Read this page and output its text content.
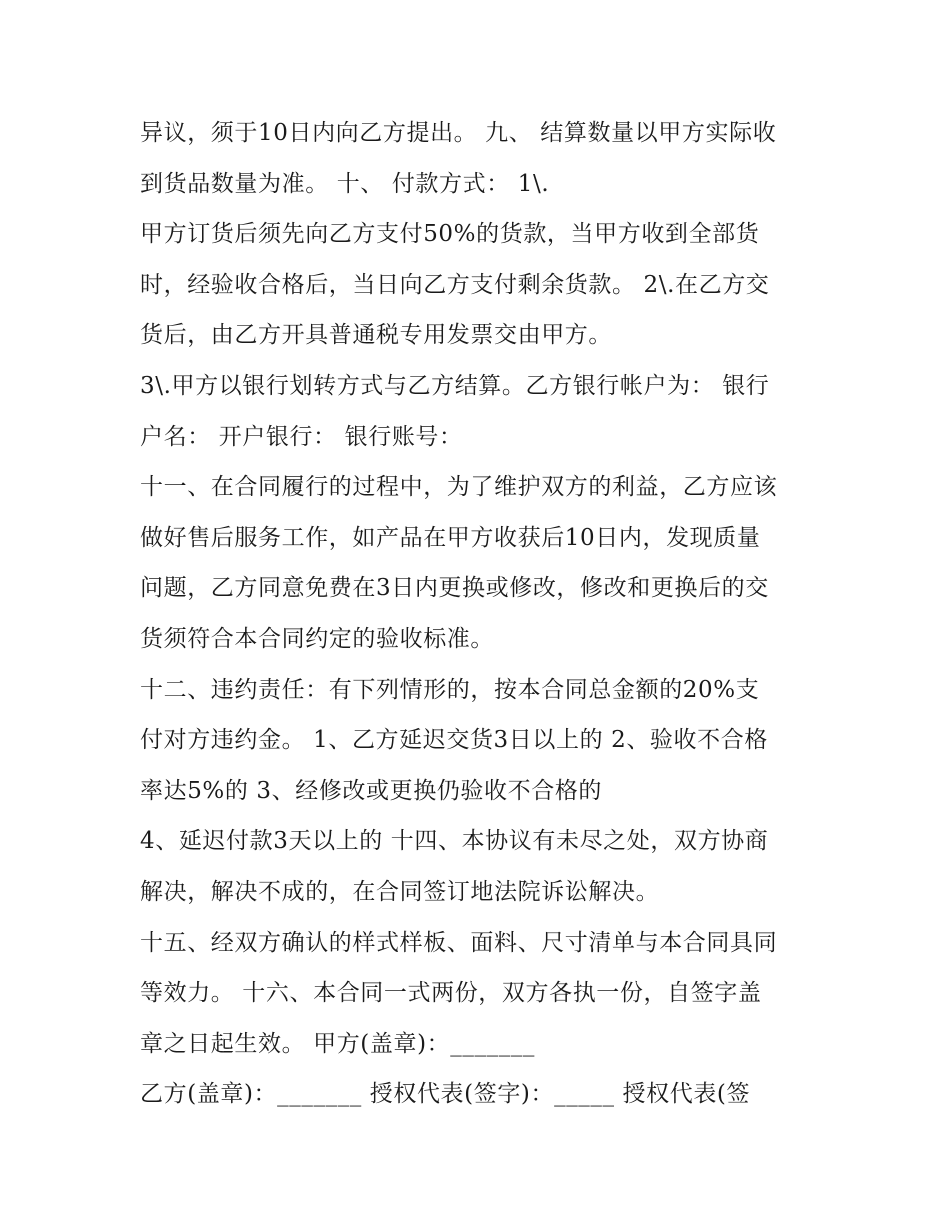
异议，须于10日内向乙方提出。 九、 结算数量以甲方实际收
到货品数量为准。 十、 付款方式： 1\.
甲方订货后须先向乙方支付50%的货款，当甲方收到全部货
时，经验收合格后，当日向乙方支付剩余货款。 2\.在乙方交
货后，由乙方开具普通税专用发票交由甲方。
3\.甲方以银行划转方式与乙方结算。乙方银行帐户为： 银行
户名： 开户银行： 银行账号：
十一、在合同履行的过程中，为了维护双方的利益，乙方应该
做好售后服务工作，如产品在甲方收获后10日内，发现质量
问题，乙方同意免费在3日内更换或修改，修改和更换后的交
货须符合本合同约定的验收标准。
十二、违约责任：有下列情形的，按本合同总金额的20%支
付对方违约金。 1、乙方延迟交货3日以上的 2、验收不合格
率达5%的 3、经修改或更换仍验收不合格的
4、延迟付款3天以上的 十四、本协议有未尽之处，双方协商
解决，解决不成的，在合同签订地法院诉讼解决。
十五、经双方确认的样式样板、面料、尺寸清单与本合同具同
等效力。 十六、本合同一式两份，双方各执一份，自签字盖
章之日起生效。 甲方(盖章)：_______
乙方(盖章)：_______ 授权代表(签字)：_____ 授权代表(签
